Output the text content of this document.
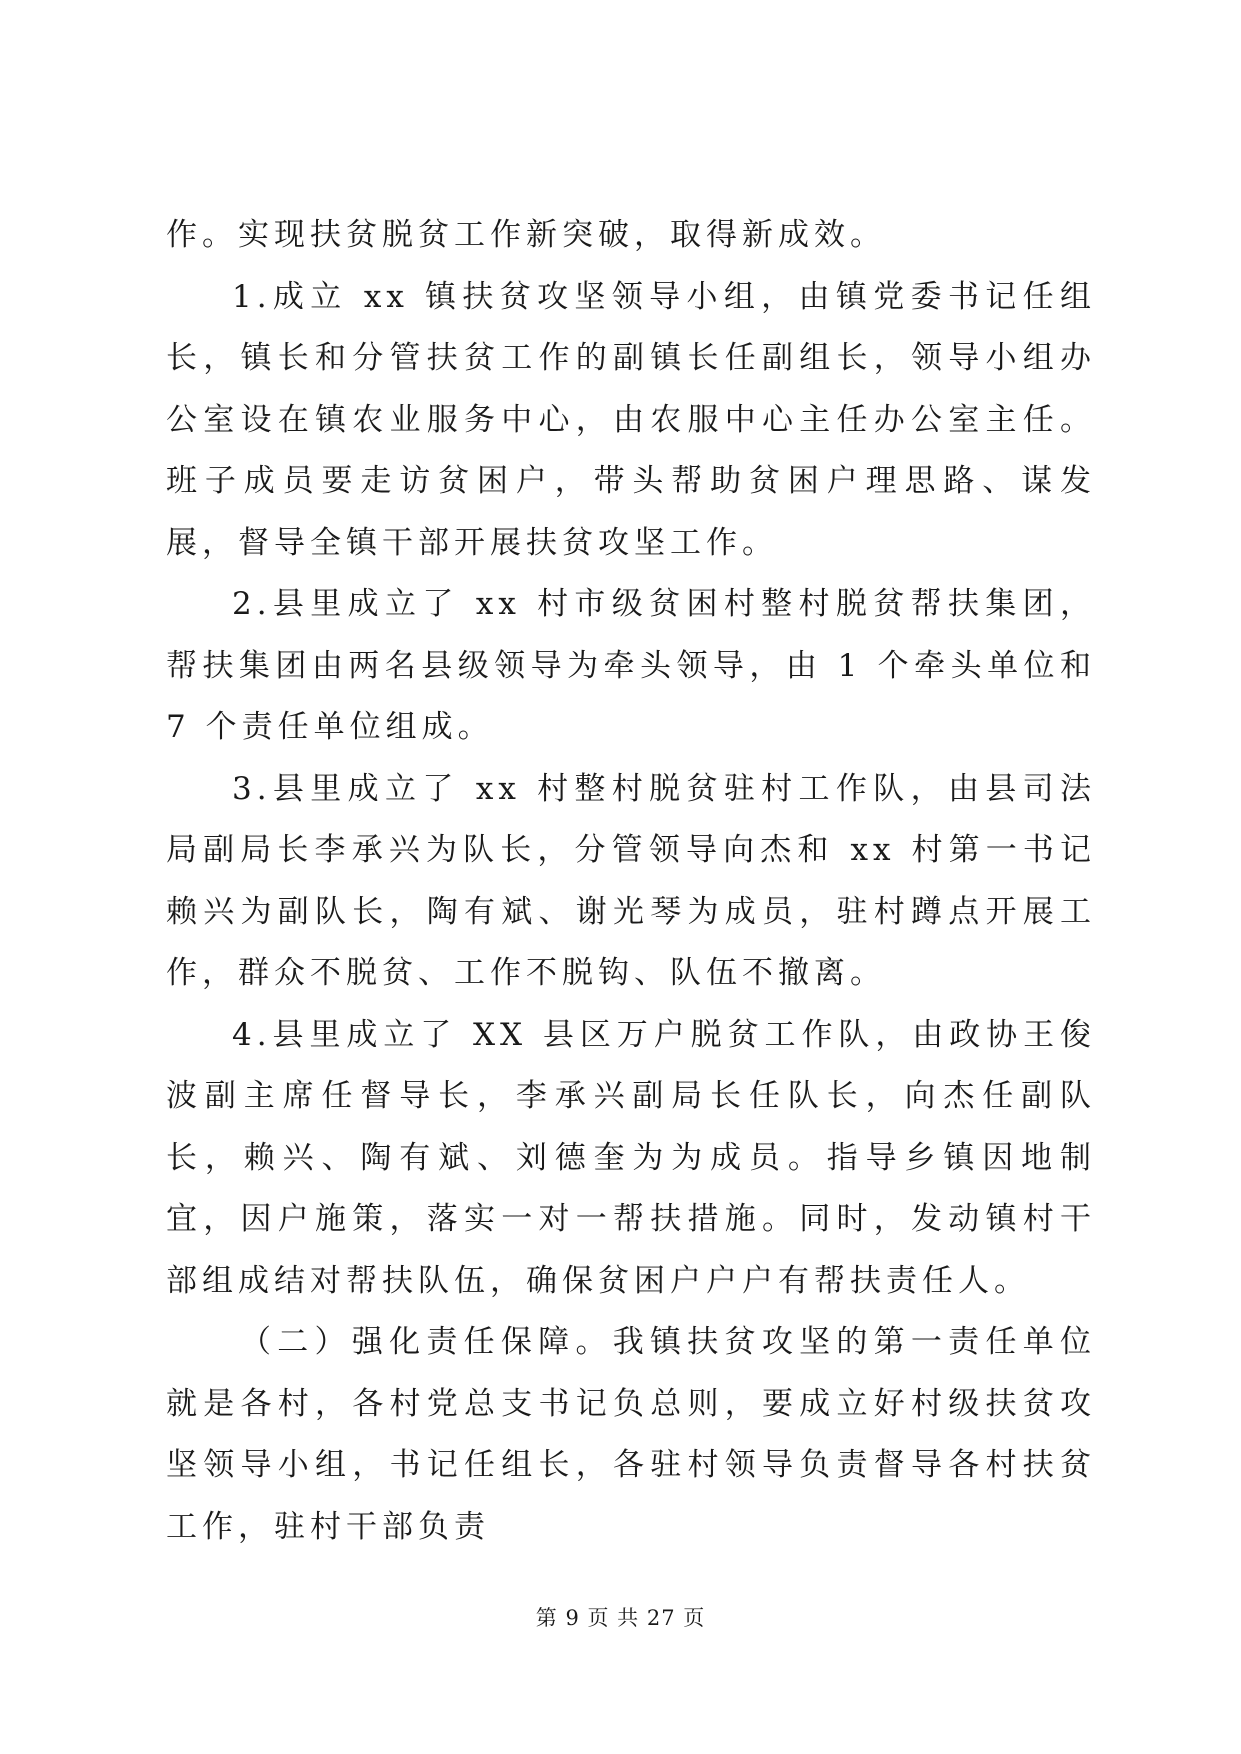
作。实现扶贫脱贫工作新突破，取得新成效。

1.成立 xx 镇扶贫攻坚领导小组，由镇党委书记任组长，镇长和分管扶贫工作的副镇长任副组长，领导小组办公室设在镇农业服务中心，由农服中心主任办公室主任。班子成员要走访贫困户，带头帮助贫困户理思路、谋发展，督导全镇干部开展扶贫攻坚工作。

2.县里成立了 xx 村市级贫困村整村脱贫帮扶集团，帮扶集团由两名县级领导为牵头领导，由 1 个牵头单位和 7 个责任单位组成。

3.县里成立了 xx 村整村脱贫驻村工作队，由县司法局副局长李承兴为队长，分管领导向杰和 xx 村第一书记赖兴为副队长，陶有斌、谢光琴为成员，驻村蹲点开展工作，群众不脱贫、工作不脱钩、队伍不撤离。

4.县里成立了 XX 县区万户脱贫工作队，由政协王俊波副主席任督导长，李承兴副局长任队长，向杰任副队长，赖兴、陶有斌、刘德奎为为成员。指导乡镇因地制宜，因户施策，落实一对一帮扶措施。同时，发动镇村干部组成结对帮扶队伍，确保贫困户户户有帮扶责任人。

（二）强化责任保障。我镇扶贫攻坚的第一责任单位就是各村，各村党总支书记负总则，要成立好村级扶贫攻坚领导小组，书记任组长，各驻村领导负责督导各村扶贫工作，驻村干部负责

第 9 页 共 27 页
